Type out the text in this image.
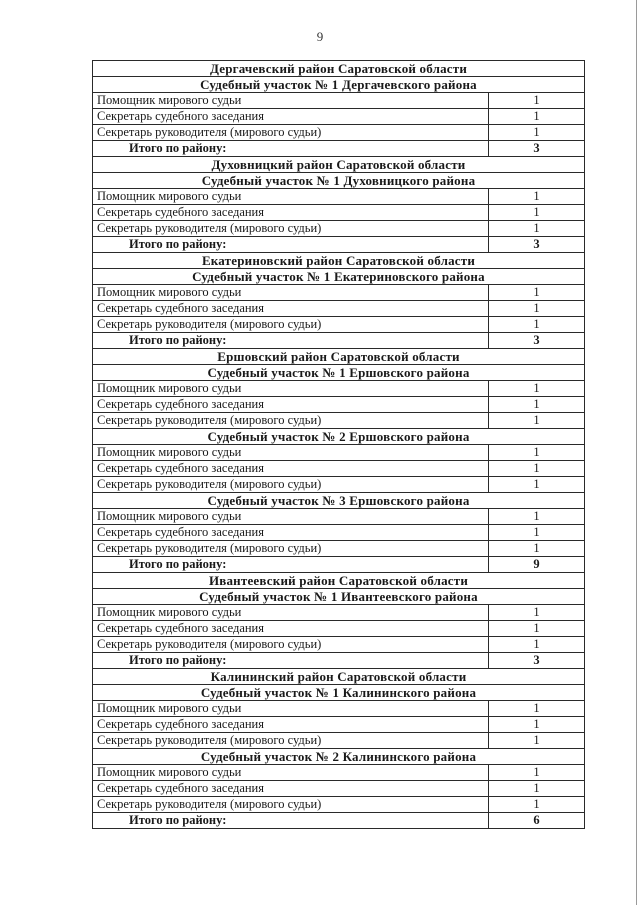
9
Дергачевский район Саратовской области	
Судебный участок № 1 Дергачевского района	
Помощник мирового судьи	1
Секретарь судебного заседания	1
Секретарь руководителя (мирового судьи)	1
Итого по району:	3
Духовницкий район Саратовской области	
Судебный участок № 1 Духовницкого района	
Помощник мирового судьи	1
Секретарь судебного заседания	1
Секретарь руководителя (мирового судьи)	1
Итого по району:	3
Екатериновский район Саратовской области	
Судебный участок № 1 Екатериновского района	
Помощник мирового судьи	1
Секретарь судебного заседания	1
Секретарь руководителя (мирового судьи)	1
Итого по району:	3
Ершовский район Саратовской области	
Судебный участок № 1 Ершовского района	
Помощник мирового судьи	1
Секретарь судебного заседания	1
Секретарь руководителя (мирового судьи)	1
Судебный участок № 2 Ершовского района	
Помощник мирового судьи	1
Секретарь судебного заседания	1
Секретарь руководителя (мирового судьи)	1
Судебный участок № 3 Ершовского района	
Помощник мирового судьи	1
Секретарь судебного заседания	1
Секретарь руководителя (мирового судьи)	1
Итого по району:	9
Ивантеевский район Саратовской области	
Судебный участок № 1 Ивантеевского района	
Помощник мирового судьи	1
Секретарь судебного заседания	1
Секретарь руководителя (мирового судьи)	1
Итого по району:	3
Калининский район Саратовской области	
Судебный участок № 1 Калининского района	
Помощник мирового судьи	1
Секретарь судебного заседания	1
Секретарь руководителя (мирового судьи)	1
Судебный участок № 2 Калининского района	
Помощник мирового судьи	1
Секретарь судебного заседания	1
Секретарь руководителя (мирового судьи)	1
Итого по району:	6
